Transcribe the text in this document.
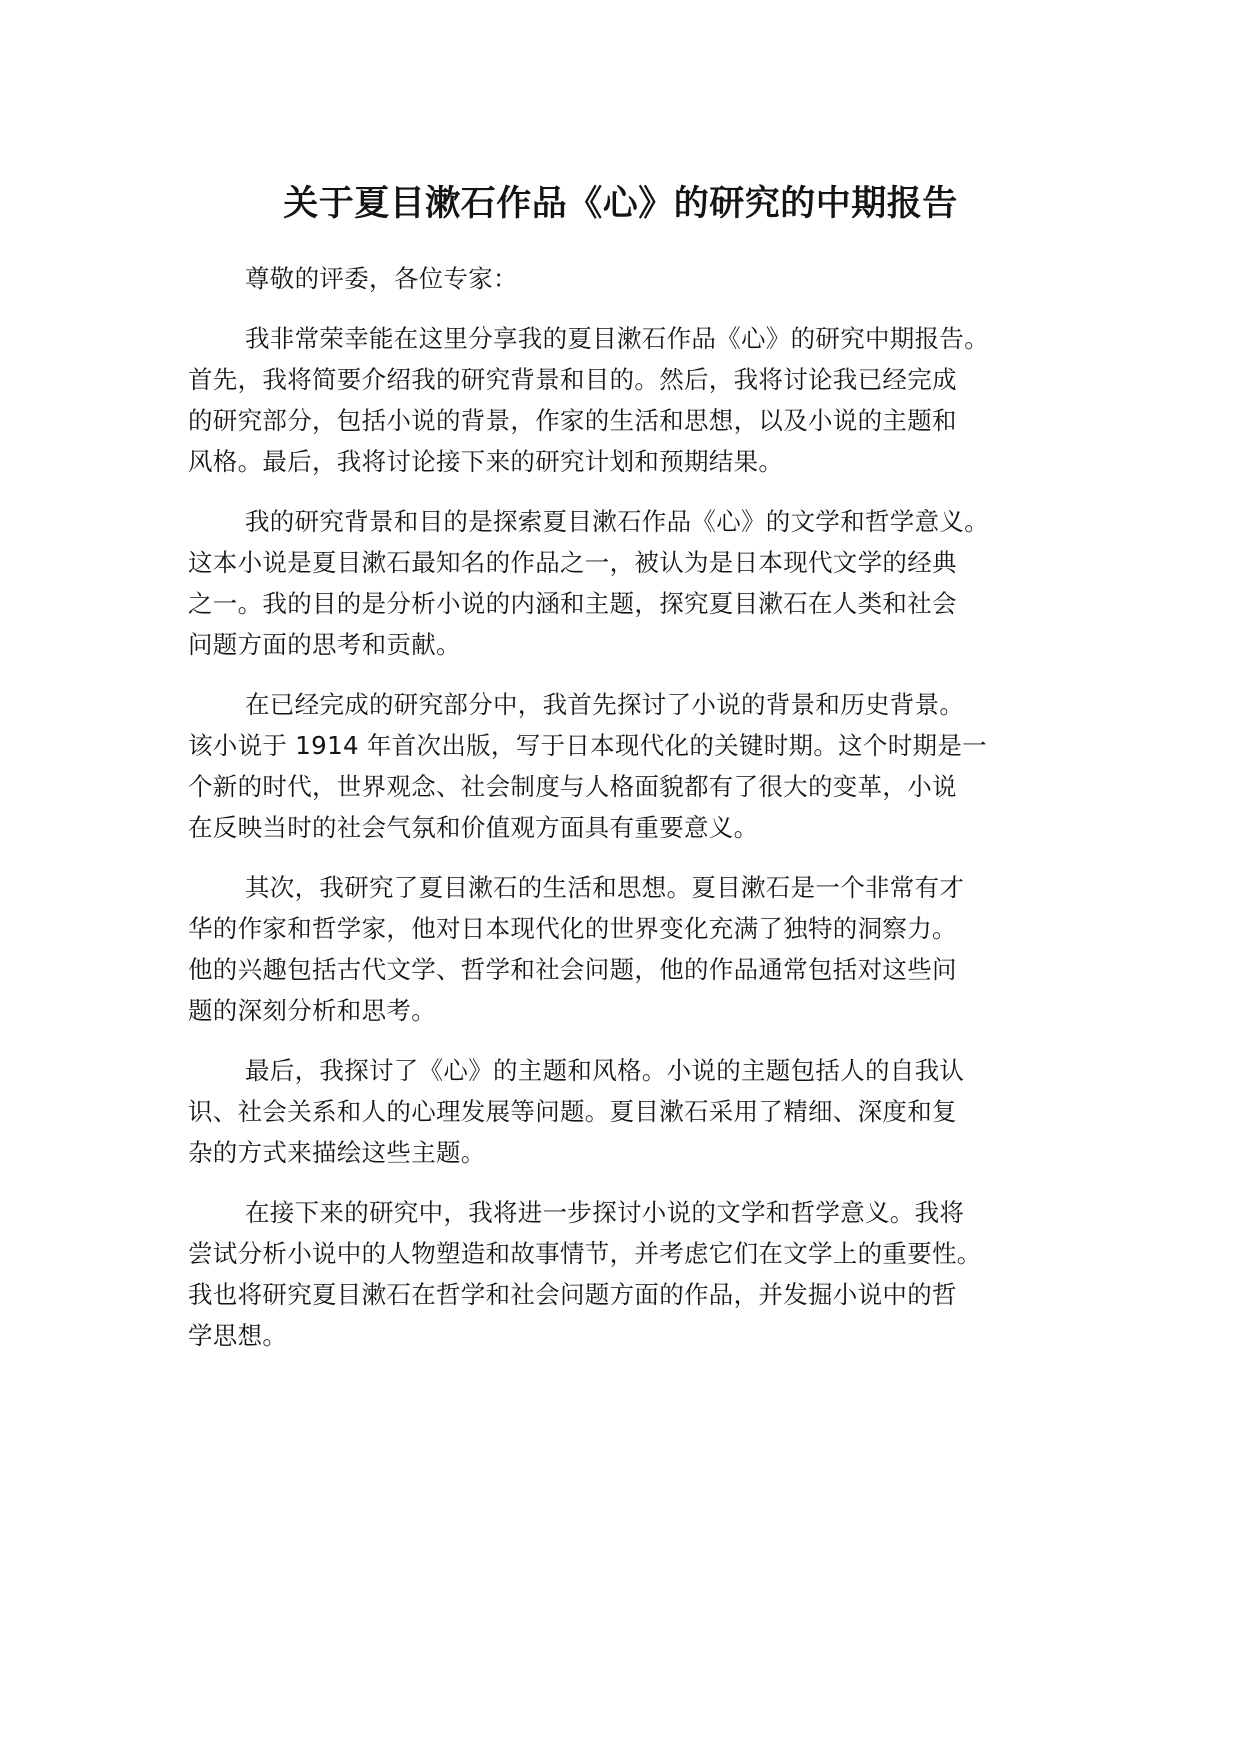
关于夏目漱石作品《心》的研究的中期报告
尊敬的评委，各位专家：
我非常荣幸能在这里分享我的夏目漱石作品《心》的研究中期报告。
首先，我将简要介绍我的研究背景和目的。然后，我将讨论我已经完成
的研究部分，包括小说的背景，作家的生活和思想，以及小说的主题和
风格。最后，我将讨论接下来的研究计划和预期结果。
我的研究背景和目的是探索夏目漱石作品《心》的文学和哲学意义。
这本小说是夏目漱石最知名的作品之一，被认为是日本现代文学的经典
之一。我的目的是分析小说的内涵和主题，探究夏目漱石在人类和社会
问题方面的思考和贡献。
在已经完成的研究部分中，我首先探讨了小说的背景和历史背景。
该小说于 1914 年首次出版，写于日本现代化的关键时期。这个时期是一
个新的时代，世界观念、社会制度与人格面貌都有了很大的变革，小说
在反映当时的社会气氛和价值观方面具有重要意义。
其次，我研究了夏目漱石的生活和思想。夏目漱石是一个非常有才
华的作家和哲学家，他对日本现代化的世界变化充满了独特的洞察力。
他的兴趣包括古代文学、哲学和社会问题，他的作品通常包括对这些问
题的深刻分析和思考。
最后，我探讨了《心》的主题和风格。小说的主题包括人的自我认
识、社会关系和人的心理发展等问题。夏目漱石采用了精细、深度和复
杂的方式来描绘这些主题。
在接下来的研究中，我将进一步探讨小说的文学和哲学意义。我将
尝试分析小说中的人物塑造和故事情节，并考虑它们在文学上的重要性。
我也将研究夏目漱石在哲学和社会问题方面的作品，并发掘小说中的哲
学思想。
